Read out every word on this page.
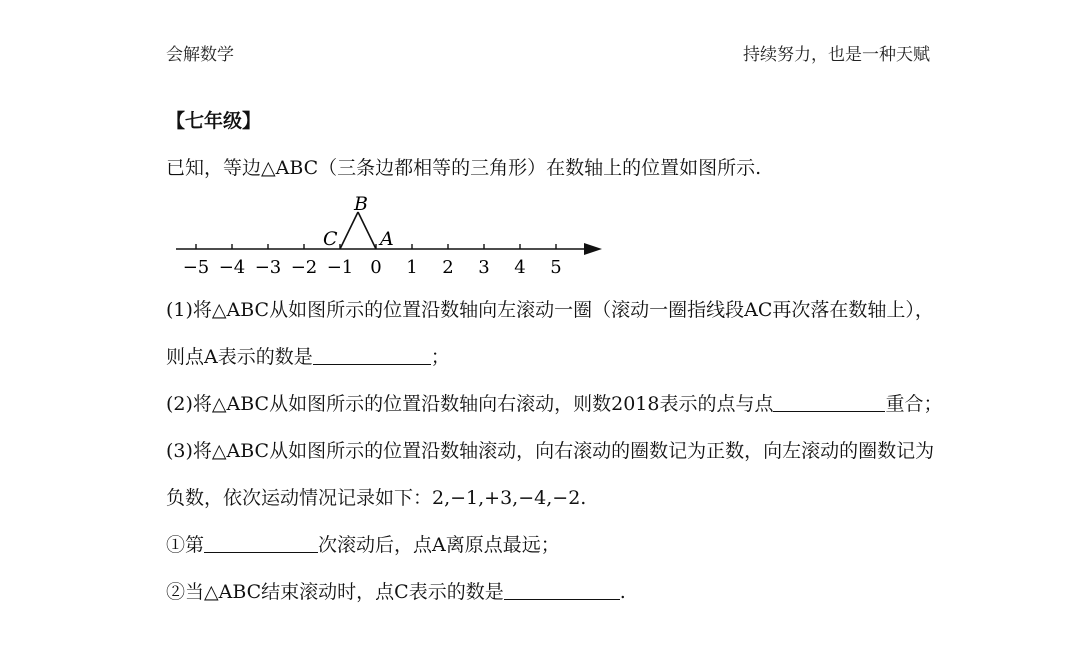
会解数学	持续努力，也是一种天赋
【七年级】
已知，等边△ABC（三条边都相等的三角形）在数轴上的位置如图所示.
−5 −4 −3 −2 −1 0 1 2 3 4 5
B
C A
(1)将△ABC从如图所示的位置沿数轴向左滚动一圈（滚动一圈指线段AC再次落在数轴上），
则点A表示的数是	；
(2)将△ABC从如图所示的位置沿数轴向右滚动，则数2018表示的点与点	重合；
(3)将△ABC从如图所示的位置沿数轴滚动，向右滚动的圈数记为正数，向左滚动的圈数记为
负数，依次运动情况记录如下：2,−1,+3,−4,−2.
①第	次滚动后，点A离原点最远；
②当△ABC结束滚动时，点C表示的数是	.
